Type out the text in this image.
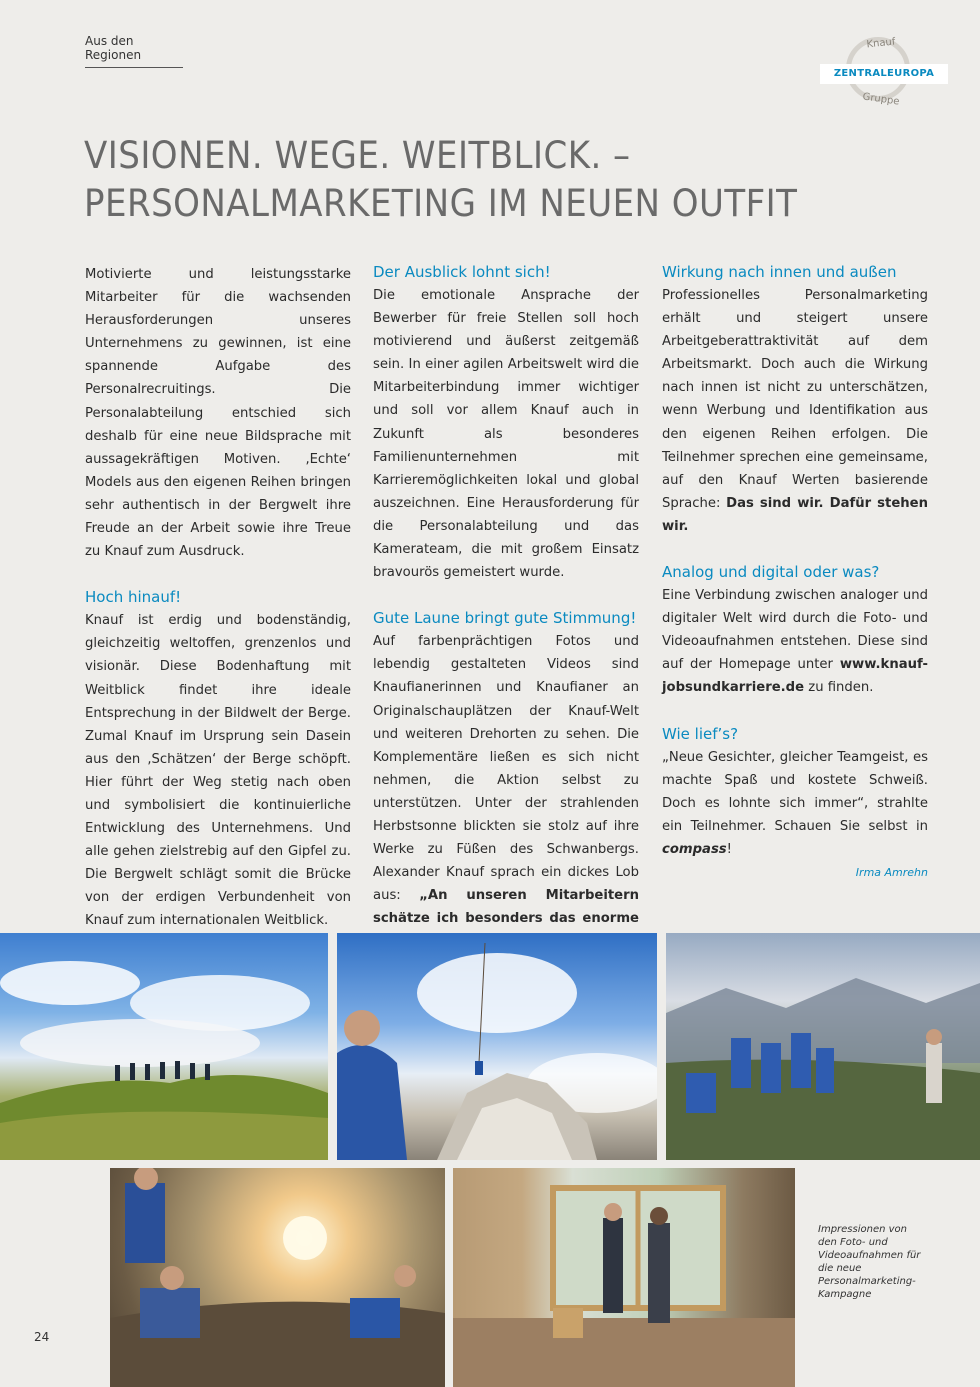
Aus den Regionen
Knauf
Gruppe
ZENTRALEUROPA
VISIONEN. WEGE. WEITBLICK. –
PERSONALMARKETING IM NEUEN OUTFIT

Motivierte und leistungsstarke Mitarbeiter für die wachsenden Herausforderungen unseres Unternehmens zu gewinnen, ist eine spannende Aufgabe des Personalrecruitings. Die Personalabteilung entschied sich deshalb für eine neue Bildsprache mit aussagekräftigen Motiven. ‚Echte‘ Models aus den eigenen Reihen bringen sehr authentisch in der Bergwelt ihre Freude an der Arbeit sowie ihre Treue zu Knauf zum Ausdruck.

Hoch hinauf!

Knauf ist erdig und bodenständig, gleichzeitig weltoffen, grenzenlos und visionär. Diese Bodenhaftung mit Weitblick findet ihre ideale Entsprechung in der Bildwelt der Berge. Zumal Knauf im Ursprung sein Dasein aus den ‚Schätzen‘ der Berge schöpft. Hier führt der Weg stetig nach oben und symbolisiert die kontinuierliche Entwicklung des Unternehmens. Und alle gehen zielstrebig auf den Gipfel zu. Die Bergwelt schlägt somit die Brücke von der erdigen Verbundenheit von Knauf zum internationalen Weitblick.

Der Ausblick lohnt sich!

Die emotionale Ansprache der Bewerber für freie Stellen soll hoch motivierend und äußerst zeitgemäß sein. In einer agilen Arbeitswelt wird die Mitarbeiterbindung immer wichtiger und soll vor allem Knauf auch in Zukunft als besonderes Familienunternehmen mit Karrieremöglichkeiten lokal und global auszeichnen. Eine Herausforderung für die Personalabteilung und das Kamerateam, die mit großem Einsatz bravourös gemeistert wurde.

Gute Laune bringt gute Stimmung!

Auf farbenprächtigen Fotos und lebendig gestalteten Videos sind Knaufianerinnen und Knaufianer an Originalschauplätzen der Knauf-Welt und weiteren Drehorten zu sehen. Die Komplementäre ließen es sich nicht nehmen, die Aktion selbst zu unterstützen. Unter der strahlenden Herbstsonne blickten sie stolz auf ihre Werke zu Füßen des Schwanbergs. Alexander Knauf sprach ein dickes Lob aus: „An unseren Mitarbeitern schätze ich besonders das enorme

Wirkung nach innen und außen

Professionelles Personalmarketing erhält und steigert unsere Arbeitgeberattraktivität auf dem Arbeitsmarkt. Doch auch die Wirkung nach innen ist nicht zu unterschätzen, wenn Werbung und Identifikation aus den eigenen Reihen erfolgen. Die Teilnehmer sprechen eine gemeinsame, auf den Knauf Werten basierende Sprache: Das sind wir. Dafür stehen wir.

Analog und digital oder was?

Eine Verbindung zwischen analoger und digitaler Welt wird durch die Foto- und Videoaufnahmen entstehen. Diese sind auf der Homepage unter www.knauf-jobsundkarriere.de zu finden.

Wie lief’s?

„Neue Gesichter, gleicher Teamgeist, es machte Spaß und kostete Schweiß. Doch es lohnte sich immer“, strahlte ein Teilnehmer. Schauen Sie selbst in compass!

Irma Amrehn
Impressionen von den Foto- und Videoaufnahmen für die neue Personalmarketing-Kampagne
24
